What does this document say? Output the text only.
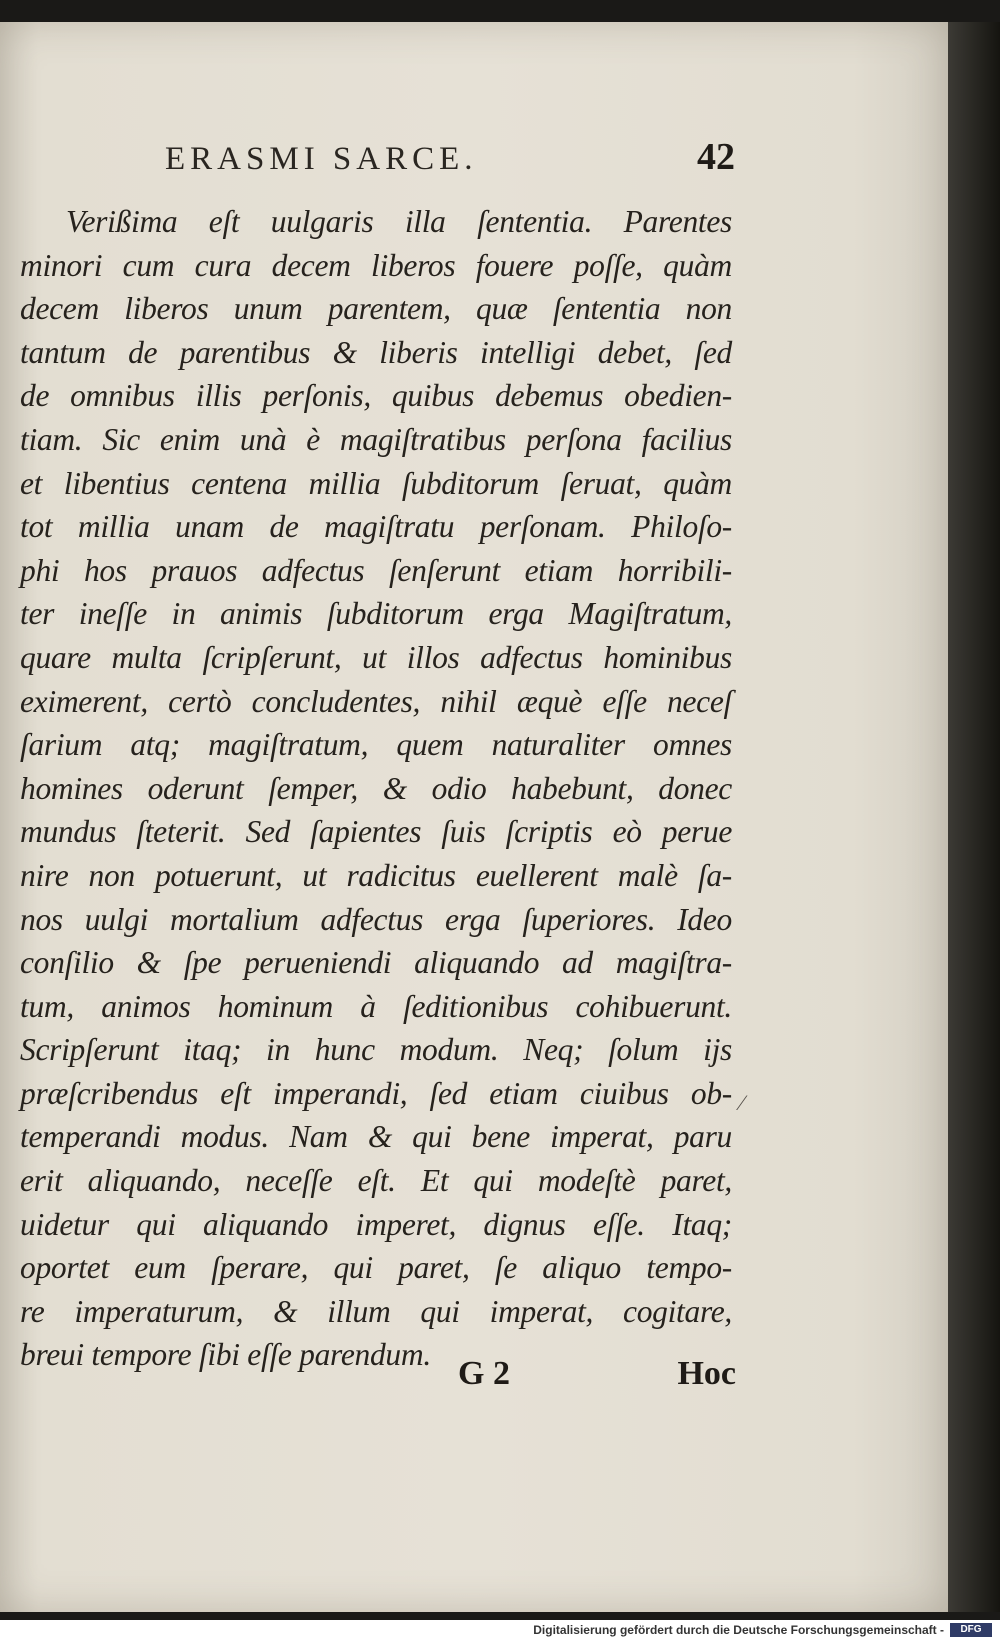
ERASMI SARCE.	42
Verißima eſt uulgaris illa ſententia. Parentes
minori cum cura decem liberos fouere poſſe, quàm
decem liberos unum parentem, quæ ſententia non
tantum de parentibus & liberis intelligi debet, ſed
de omnibus illis perſonis, quibus debemus obedien-
tiam. Sic enim unà è magiſtratibus perſona facilius
et libentius centena millia ſubditorum ſeruat, quàm
tot millia unam de magiſtratu perſonam. Philoſo-
phi hos prauos adfectus ſenſerunt etiam horribili-
ter ineſſe in animis ſubditorum erga Magiſtratum,
quare multa ſcripſerunt, ut illos adfectus hominibus
eximerent, certò concludentes, nihil æquè eſſe neceſ
ſarium atq; magiſtratum, quem naturaliter omnes
homines oderunt ſemper, & odio habebunt, donec
mundus ſteterit. Sed ſapientes ſuis ſcriptis eò perue
nire non potuerunt, ut radicitus euellerent malè ſa-
nos uulgi mortalium adfectus erga ſuperiores. Ideo
conſilio & ſpe perueniendi aliquando ad magiſtra-
tum, animos hominum à ſeditionibus cohibuerunt.
Scripſerunt itaq; in hunc modum. Neq; ſolum ijs
præſcribendus eſt imperandi, ſed etiam ciuibus ob-
temperandi modus. Nam & qui bene imperat, paru
erit aliquando, neceſſe eſt. Et qui modeſtè paret,
uidetur qui aliquando imperet, dignus eſſe. Itaq;
oportet eum ſperare, qui paret, ſe aliquo tempo-
re imperaturum, & illum qui imperat, cogitare,
breui tempore ſibi eſſe parendum.
⁄
G 2	Hoc
Digitalisierung gefördert durch die Deutsche Forschungsgemeinschaft -	DFG
